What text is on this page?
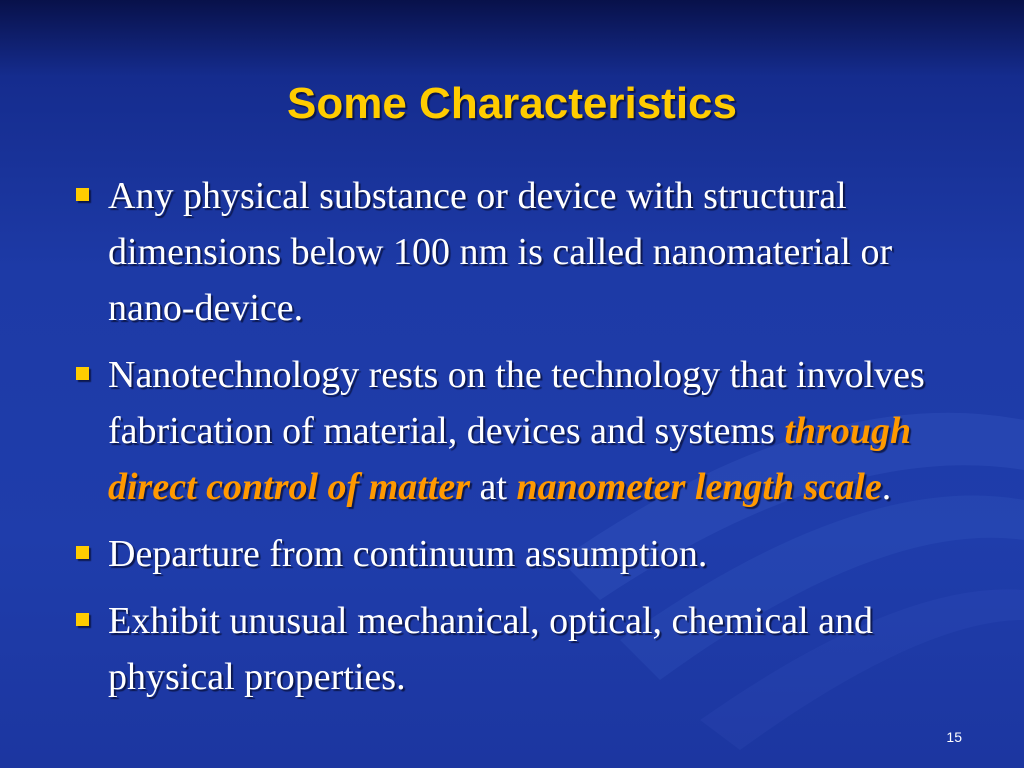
Some Characteristics
Any physical substance or device with structural dimensions below 100 nm is called nanomaterial or nano-device.
Nanotechnology rests on the technology that involves fabrication of material, devices and systems through direct control of matter at nanometer length scale.
Departure from continuum assumption.
Exhibit unusual mechanical, optical, chemical and physical properties.
15
